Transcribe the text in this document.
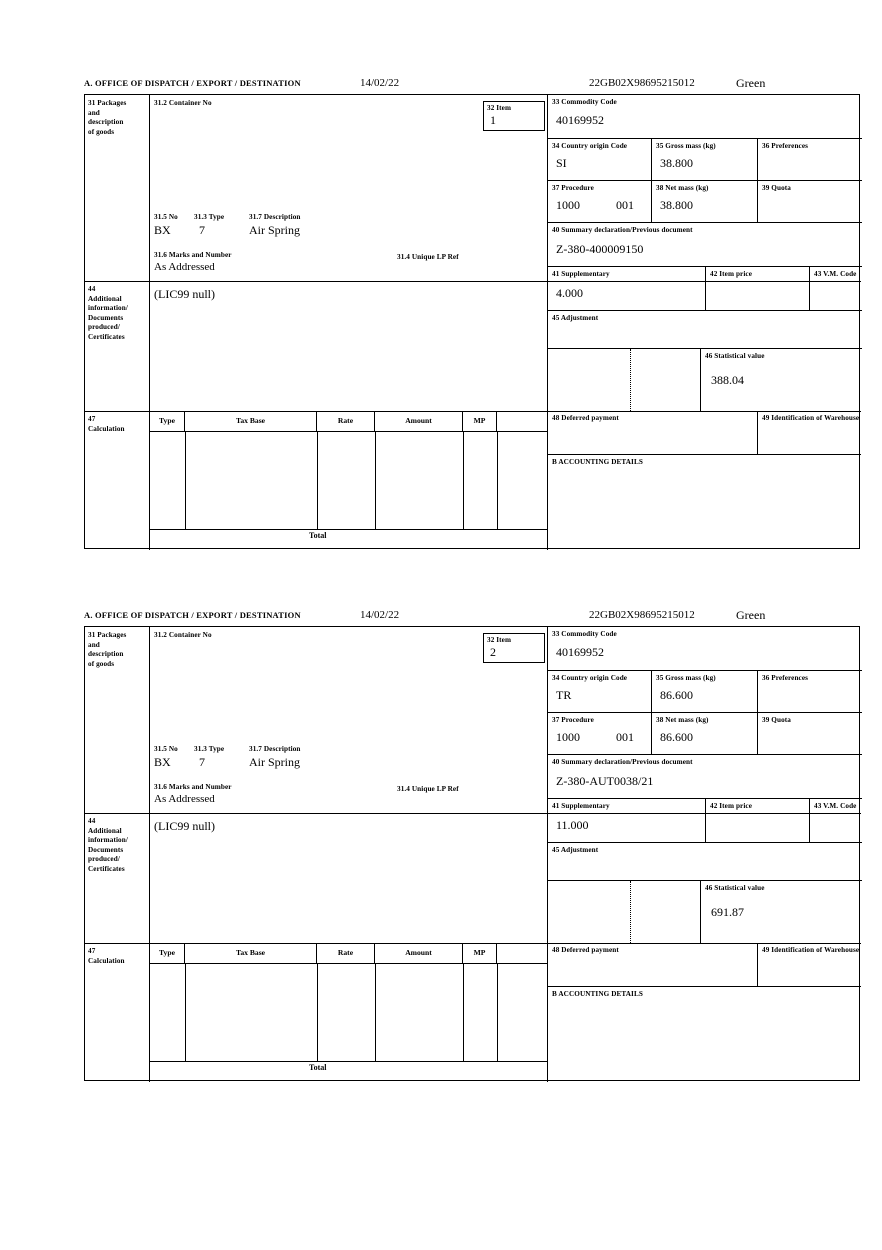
A. OFFICE OF DISPATCH / EXPORT / DESTINATION	14/02/22	22GB02X98695215012	Green
31 Packages
and
description
of goods
44
Additional
information/
Documents
produced/
Certificates
47
Calculation
31.2 Container No
31.5 No 31.3 Type	31.7 Description
BX 7	Air Spring
31.6 Marks and Number	31.4 Unique LP Ref
As Addressed
32 Item
1
(LIC99 null)
33 Commodity Code
40169952
34 Country origin Code
SI
35 Gross mass (kg)
38.800
36 Preferences
37 Procedure
1000	001
38 Net mass (kg)
38.800
39 Quota
40 Summary declaration/Previous document
Z-380-400009150
41 Supplementary
4.000
42 Item price	43 V.M. Code
45 Adjustment
46 Statistical value
388.04
Type	Tax Base	Rate	Amount	MP
Total
48 Deferred payment	49 Identification of Warehouse
B ACCOUNTING DETAILS
A. OFFICE OF DISPATCH / EXPORT / DESTINATION	14/02/22	22GB02X98695215012	Green
31 Packages
and
description
of goods
44
Additional
information/
Documents
produced/
Certificates
47
Calculation
31.2 Container No
31.5 No 31.3 Type	31.7 Description
BX 7	Air Spring
31.6 Marks and Number	31.4 Unique LP Ref
As Addressed
32 Item
2
(LIC99 null)
33 Commodity Code
40169952
34 Country origin Code
TR
35 Gross mass (kg)
86.600
36 Preferences
37 Procedure
1000	001
38 Net mass (kg)
86.600
39 Quota
40 Summary declaration/Previous document
Z-380-AUT0038/21
41 Supplementary
11.000
42 Item price	43 V.M. Code
45 Adjustment
46 Statistical value
691.87
Type	Tax Base	Rate	Amount	MP
Total
48 Deferred payment	49 Identification of Warehouse
B ACCOUNTING DETAILS
